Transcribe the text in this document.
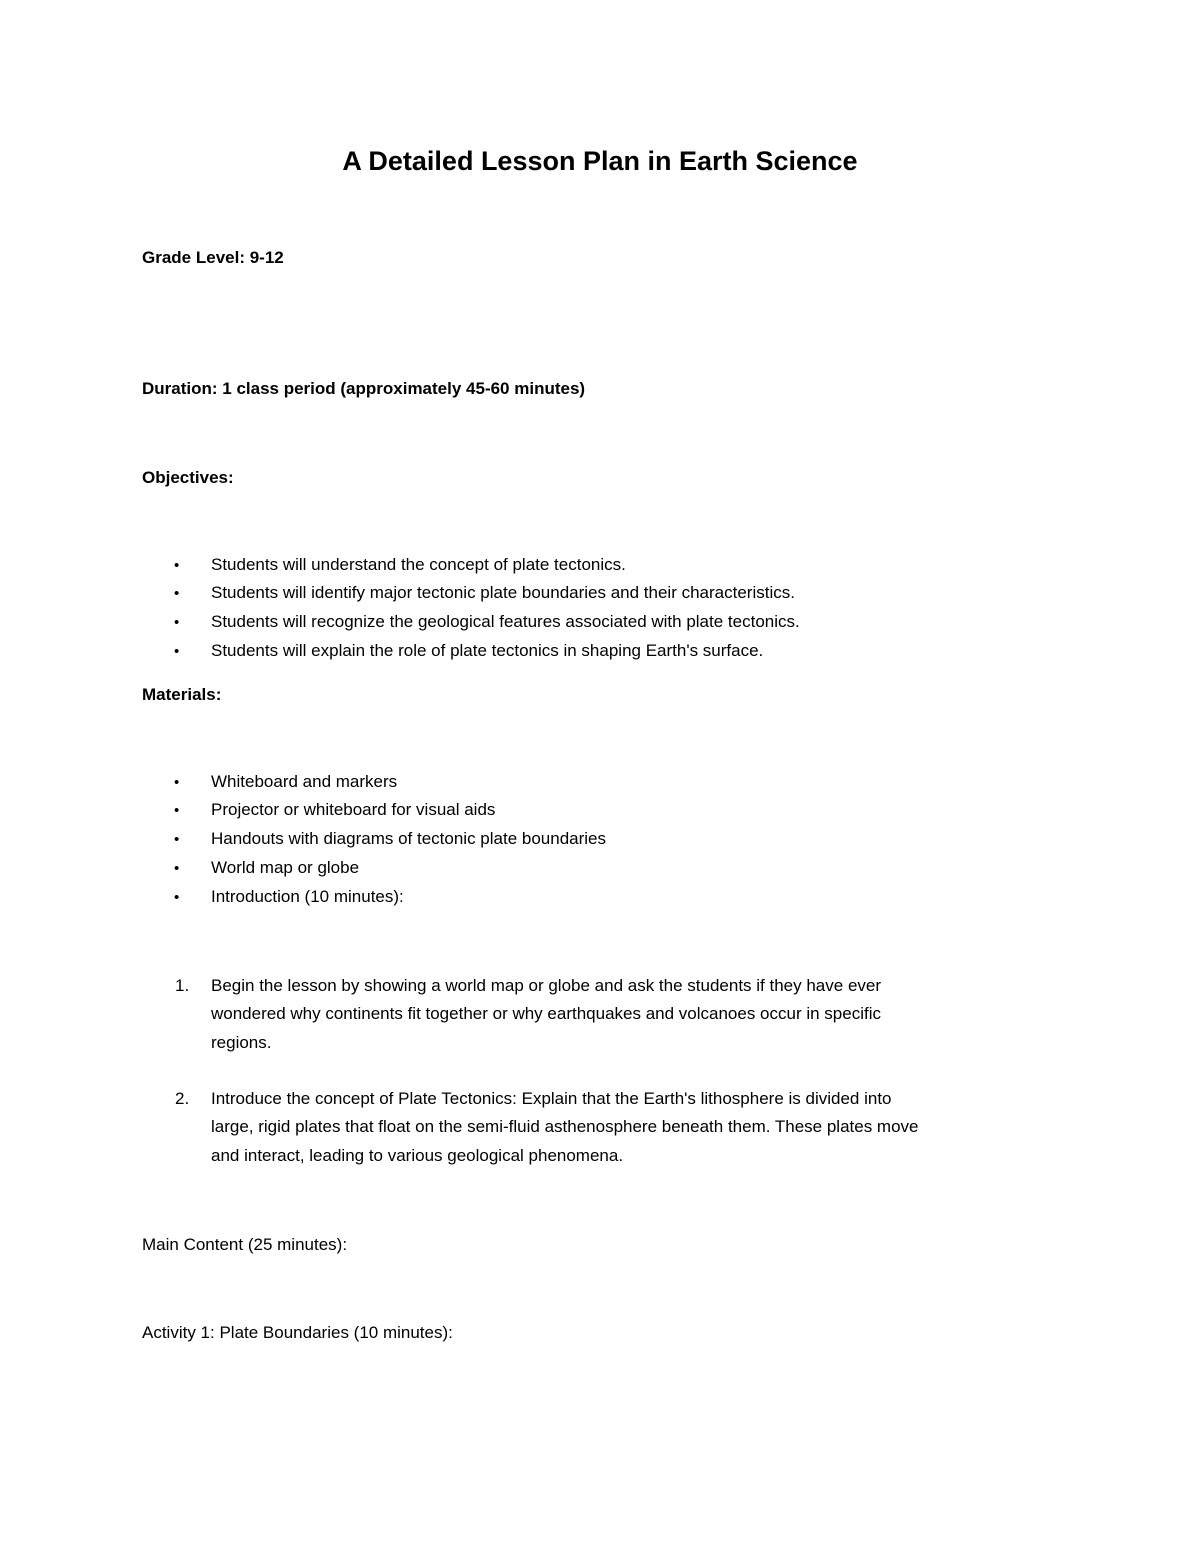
A Detailed Lesson Plan in Earth Science
Grade Level: 9-12
Duration: 1 class period (approximately 45-60 minutes)
Objectives:
• Students will understand the concept of plate tectonics.
• Students will identify major tectonic plate boundaries and their characteristics.
• Students will recognize the geological features associated with plate tectonics.
• Students will explain the role of plate tectonics in shaping Earth's surface.
Materials:
• Whiteboard and markers
• Projector or whiteboard for visual aids
• Handouts with diagrams of tectonic plate boundaries
• World map or globe
• Introduction (10 minutes):
1. Begin the lesson by showing a world map or globe and ask the students if they have ever
wondered why continents fit together or why earthquakes and volcanoes occur in specific
regions.
2. Introduce the concept of Plate Tectonics: Explain that the Earth's lithosphere is divided into
large, rigid plates that float on the semi-fluid asthenosphere beneath them. These plates move
and interact, leading to various geological phenomena.
Main Content (25 minutes):
Activity 1: Plate Boundaries (10 minutes):
